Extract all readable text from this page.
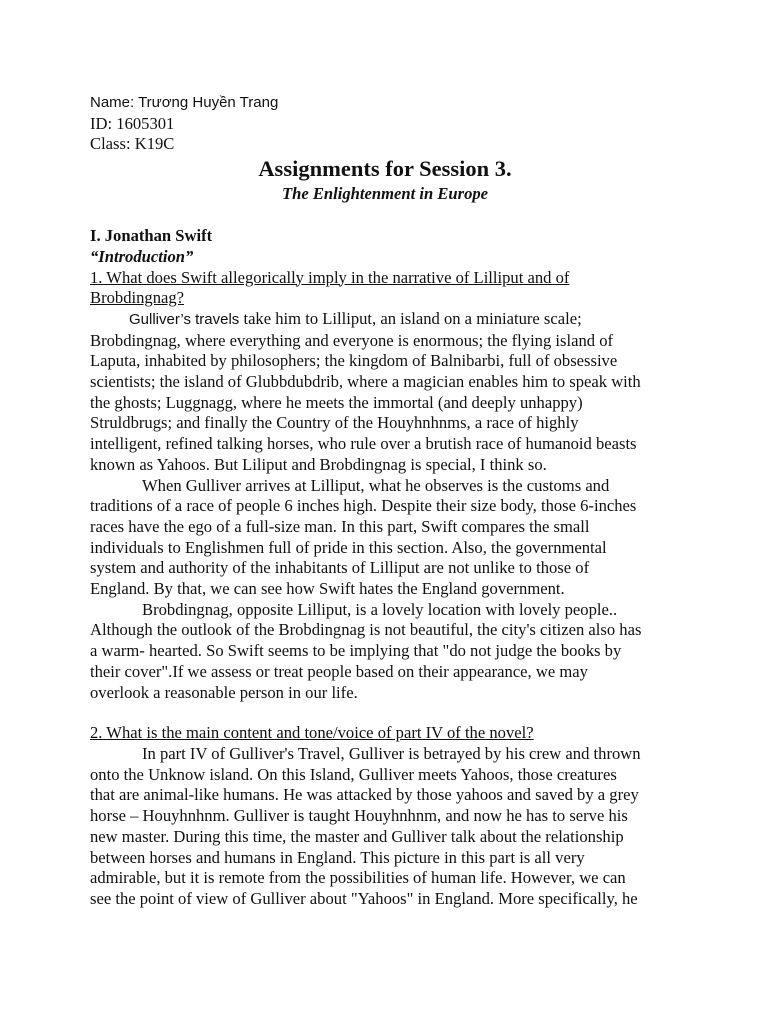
Name: Trương Huyền Trang
ID: 1605301
Class: K19C
Assignments for Session 3.
The Enlightenment in Europe
I. Jonathan Swift
“Introduction”
1. What does Swift allegorically imply in the narrative of Lilliput and of
Brobdingnag?
Gulliver’s travels take him to Lilliput, an island on a miniature scale;
Brobdingnag, where everything and everyone is enormous; the flying island of
Laputa, inhabited by philosophers; the kingdom of Balnibarbi, full of obsessive
scientists; the island of Glubbdubdrib, where a magician enables him to speak with
the ghosts; Luggnagg, where he meets the immortal (and deeply unhappy)
Struldbrugs; and finally the Country of the Houyhnhnms, a race of highly
intelligent, refined talking horses, who rule over a brutish race of humanoid beasts
known as Yahoos. But Liliput and Brobdingnag is special, I think so.
When Gulliver arrives at Lilliput, what he observes is the customs and
traditions of a race of people 6 inches high. Despite their size body, those 6-inches
races have the ego of a full-size man. In this part, Swift compares the small
individuals to Englishmen full of pride in this section. Also, the governmental
system and authority of the inhabitants of Lilliput are not unlike to those of
England. By that, we can see how Swift hates the England government.
Brobdingnag, opposite Lilliput, is a lovely location with lovely people..
Although the outlook of the Brobdingnag is not beautiful, the city's citizen also has
a warm- hearted. So Swift seems to be implying that "do not judge the books by
their cover".If we assess or treat people based on their appearance, we may
overlook a reasonable person in our life.
2. What is the main content and tone/voice of part IV of the novel?
In part IV of Gulliver's Travel, Gulliver is betrayed by his crew and thrown
onto the Unknow island. On this Island, Gulliver meets Yahoos, those creatures
that are animal-like humans. He was attacked by those yahoos and saved by a grey
horse – Houyhnhnm. Gulliver is taught Houyhnhnm, and now he has to serve his
new master. During this time, the master and Gulliver talk about the relationship
between horses and humans in England. This picture in this part is all very
admirable, but it is remote from the possibilities of human life. However, we can
see the point of view of Gulliver about "Yahoos" in England. More specifically, he
